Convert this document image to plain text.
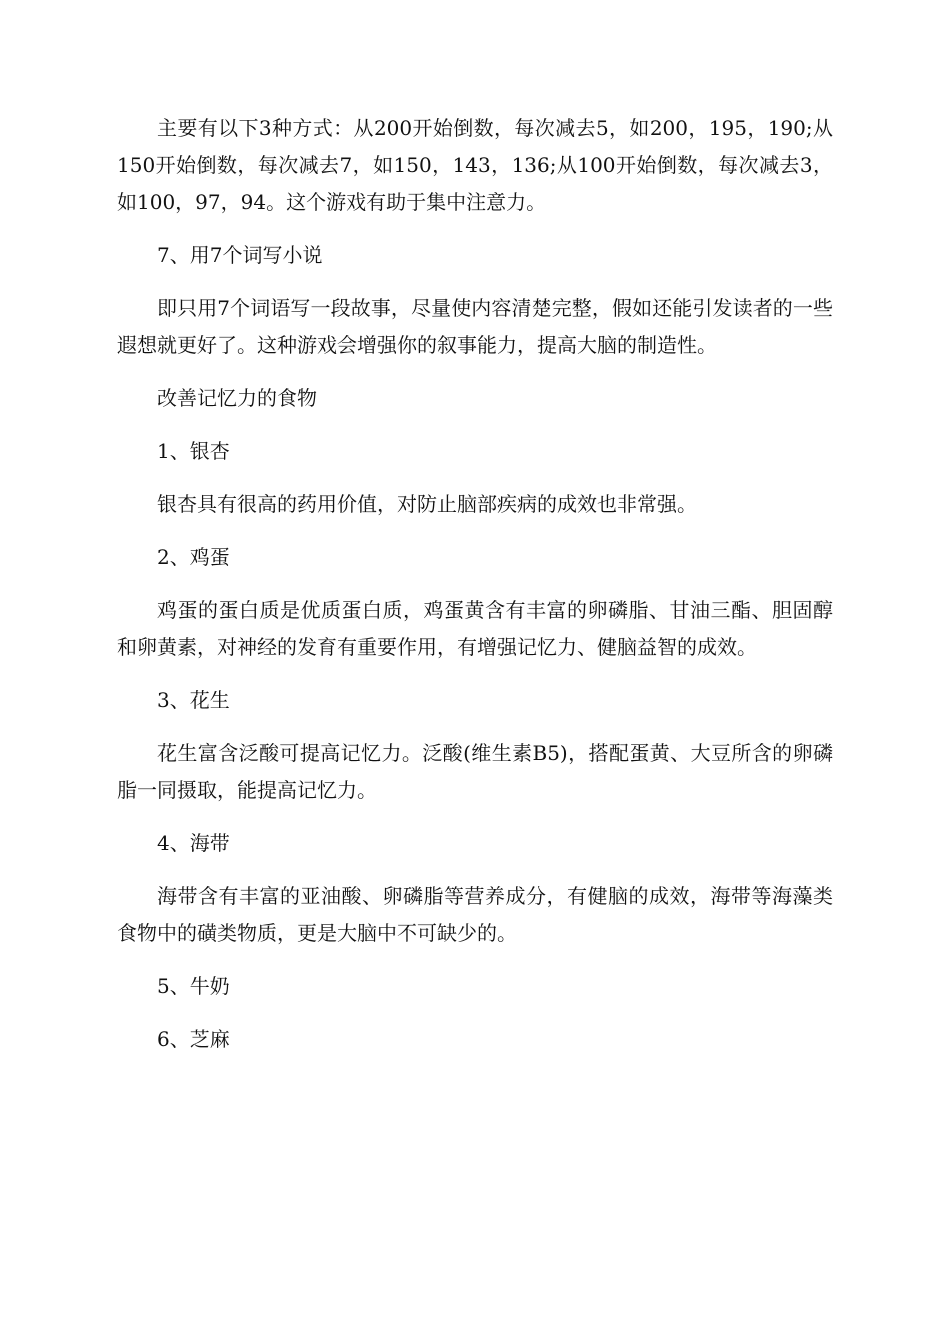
主要有以下3种方式：从200开始倒数，每次减去5，如200，195，190;从150开始倒数，每次减去7，如150，143，136;从100开始倒数，每次减去3，如100，97，94。这个游戏有助于集中注意力。

7、用7个词写小说

即只用7个词语写一段故事，尽量使内容清楚完整，假如还能引发读者的一些遐想就更好了。这种游戏会增强你的叙事能力，提高大脑的制造性。

改善记忆力的食物

1、银杏

银杏具有很高的药用价值，对防止脑部疾病的成效也非常强。

2、鸡蛋

鸡蛋的蛋白质是优质蛋白质，鸡蛋黄含有丰富的卵磷脂、甘油三酯、胆固醇和卵黄素，对神经的发育有重要作用，有增强记忆力、健脑益智的成效。

3、花生

花生富含泛酸可提高记忆力。泛酸(维生素B5)，搭配蛋黄、大豆所含的卵磷脂一同摄取，能提高记忆力。

4、海带

海带含有丰富的亚油酸、卵磷脂等营养成分，有健脑的成效，海带等海藻类食物中的磺类物质，更是大脑中不可缺少的。

5、牛奶

6、芝麻
